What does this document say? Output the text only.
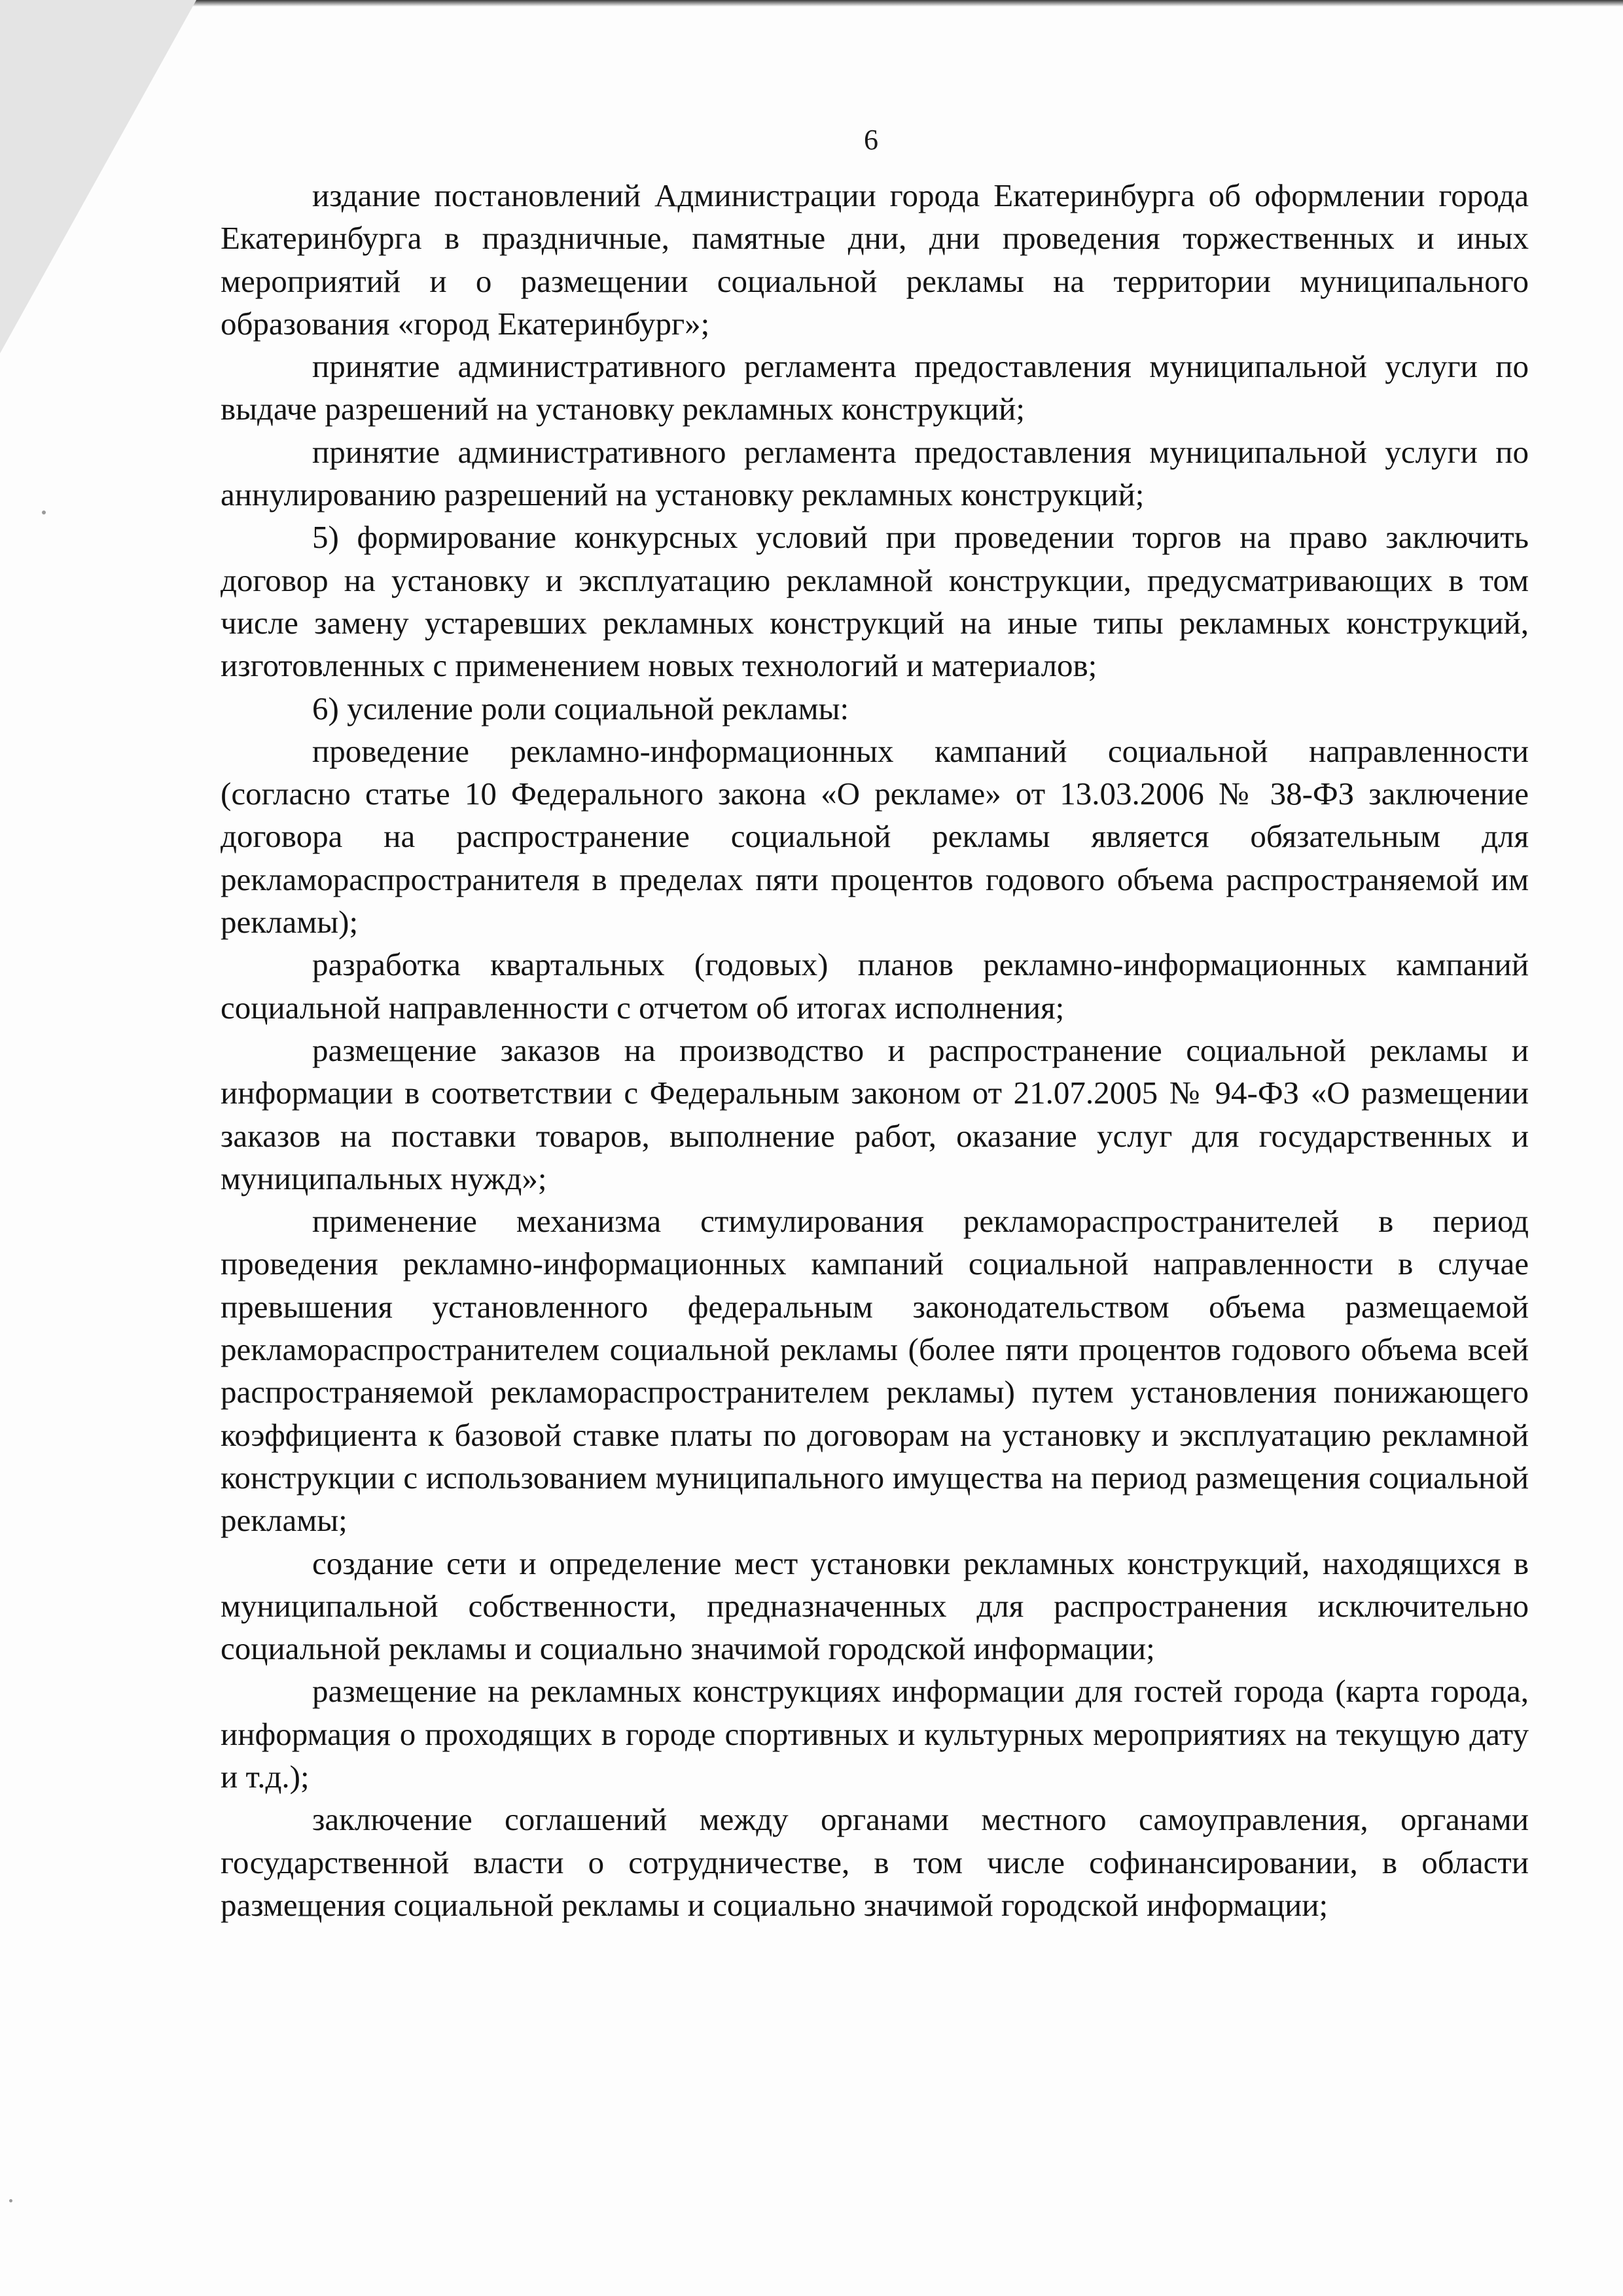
6

издание постановлений Администрации города Екатеринбурга об оформлении города Екатеринбурга в праздничные, памятные дни, дни проведения торжественных и иных мероприятий и о размещении социальной рекламы на территории муниципального образования «город Екатеринбург»;

принятие административного регламента предоставления муниципальной услуги по выдаче разрешений на установку рекламных конструкций;

принятие административного регламента предоставления муниципальной услуги по аннулированию разрешений на установку рекламных конструкций;

5) формирование конкурсных условий при проведении торгов на право заключить договор на установку и эксплуатацию рекламной конструкции, предусматривающих в том числе замену устаревших рекламных конструкций на иные типы рекламных конструкций, изготовленных с применением новых технологий и материалов;

6) усиление роли социальной рекламы:

проведение рекламно-информационных кампаний социальной направленности (согласно статье 10 Федерального закона «О рекламе» от 13.03.2006 № 38-ФЗ заключение договора на распространение социальной рекламы является обязательным для рекламораспространителя в пределах пяти процентов годового объема распространяемой им рекламы);

разработка квартальных (годовых) планов рекламно-информационных кампаний социальной направленности с отчетом об итогах исполнения;

размещение заказов на производство и распространение социальной рекламы и информации в соответствии с Федеральным законом от 21.07.2005 № 94-ФЗ «О размещении заказов на поставки товаров, выполнение работ, оказание услуг для государственных и муниципальных нужд»;

применение механизма стимулирования рекламораспространителей в период проведения рекламно-информационных кампаний социальной направленности в случае превышения установленного федеральным законодательством объема размещаемой рекламораспространителем социальной рекламы (более пяти процентов годового объема всей распространяемой рекламораспространителем рекламы) путем установления понижающего коэффициента к базовой ставке платы по договорам на установку и эксплуатацию рекламной конструкции с использованием муниципального имущества на период размещения социальной рекламы;

создание сети и определение мест установки рекламных конструкций, находящихся в муниципальной собственности, предназначенных для распространения исключительно социальной рекламы и социально значимой городской информации;

размещение на рекламных конструкциях информации для гостей города (карта города, информация о проходящих в городе спортивных и культурных мероприятиях на текущую дату и т.д.);

заключение соглашений между органами местного самоуправления, органами государственной власти о сотрудничестве, в том числе софинансировании, в области размещения социальной рекламы и социально значимой городской информации;
